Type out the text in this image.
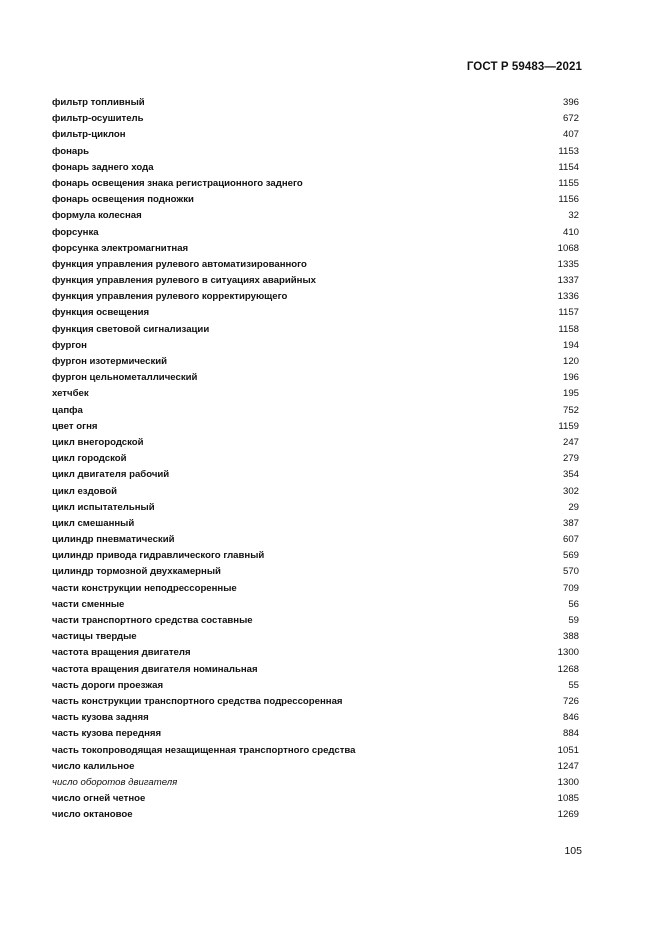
ГОСТ Р 59483—2021
фильтр топливный	396
фильтр-осушитель	672
фильтр-циклон	407
фонарь	1153
фонарь заднего хода	1154
фонарь освещения знака регистрационного заднего	1155
фонарь освещения подножки	1156
формула колесная	32
форсунка	410
форсунка электромагнитная	1068
функция управления рулевого автоматизированного	1335
функция управления рулевого в ситуациях аварийных	1337
функция управления рулевого корректирующего	1336
функция освещения	1157
функция световой сигнализации	1158
фургон	194
фургон изотермический	120
фургон цельнометаллический	196
хетчбек	195
цапфа	752
цвет огня	1159
цикл внегородской	247
цикл городской	279
цикл двигателя рабочий	354
цикл ездовой	302
цикл испытательный	29
цикл смешанный	387
цилиндр пневматический	607
цилиндр привода гидравлического главный	569
цилиндр тормозной двухкамерный	570
части конструкции неподрессоренные	709
части сменные	56
части транспортного средства составные	59
частицы твердые	388
частота вращения двигателя	1300
частота вращения двигателя номинальная	1268
часть дороги проезжая	55
часть конструкции транспортного средства подрессоренная	726
часть кузова задняя	846
часть кузова передняя	884
часть токопроводящая незащищенная транспортного средства	1051
число калильное	1247
число оборотов двигателя	1300
число огней четное	1085
число октановое	1269
105
